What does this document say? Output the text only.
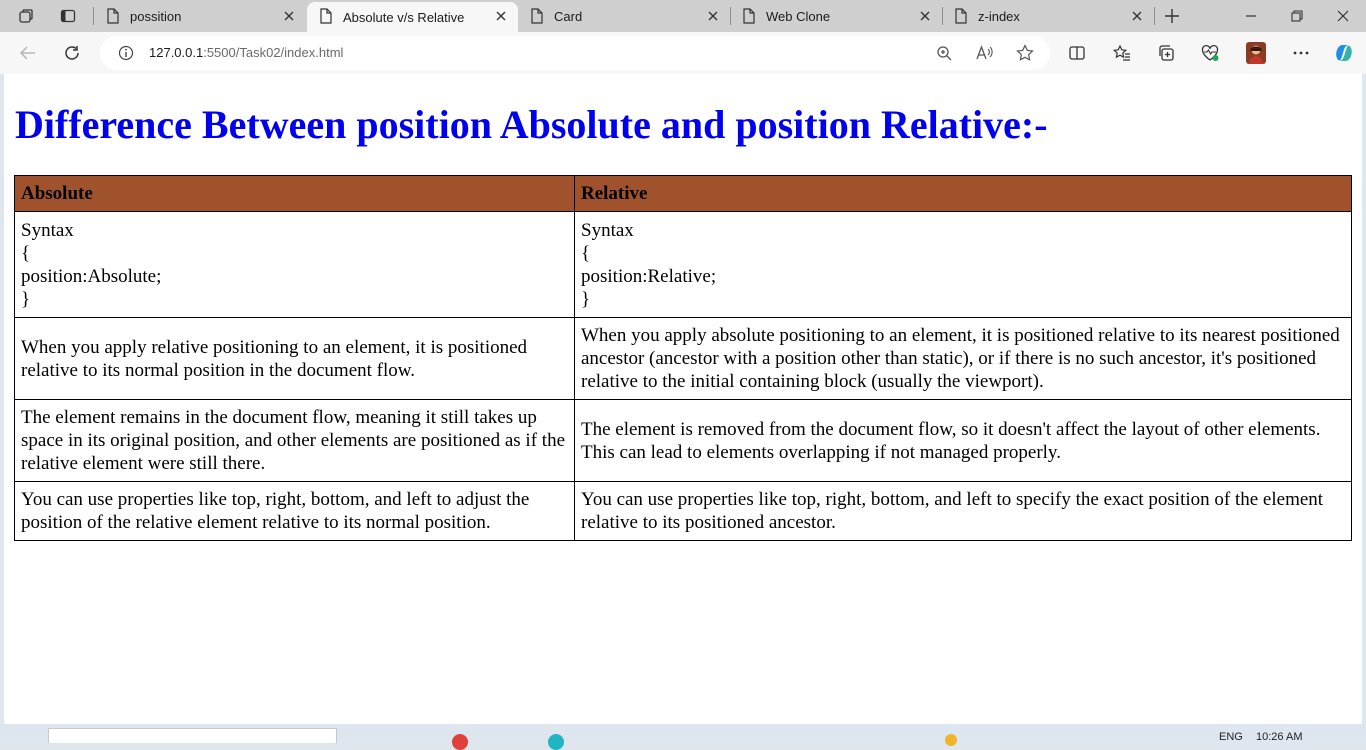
possition	Absolute v/s Relative	Card	Web Clone	z-index
127.0.0.1:5500/Task02/index.html
Difference Between position Absolute and position Relative:-
Absolute	Relative

Syntax
{
position:Absolute;
}	Syntax
{
position:Relative;
}

When you apply relative positioning to an element, it is positioned relative to its normal position in the document flow.	When you apply absolute positioning to an element, it is positioned relative to its nearest positioned ancestor (ancestor with a position other than static), or if there is no such ancestor, it's positioned relative to the initial containing block (usually the viewport).
The element remains in the document flow, meaning it still takes up space in its original position, and other elements are positioned as if the relative element were still there.	The element is removed from the document flow, so it doesn't affect the layout of other elements. This can lead to elements overlapping if not managed properly.
You can use properties like top, right, bottom, and left to adjust the position of the relative element relative to its normal position.	You can use properties like top, right, bottom, and left to specify the exact position of the element relative to its positioned ancestor.
ENG 10:26 AM
